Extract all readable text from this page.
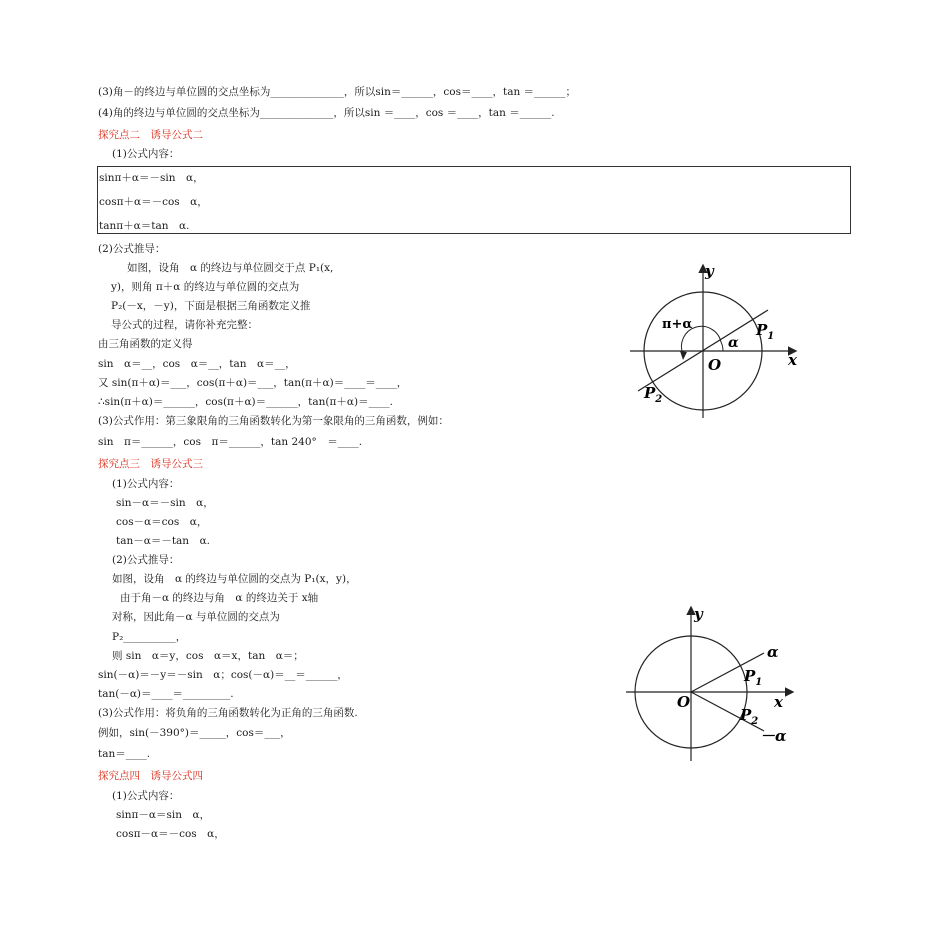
(3)角－的终边与单位圆的交点坐标为______________，所以sin＝______，cos＝____，tan ＝______；
(4)角的终边与单位圆的交点坐标为______________，所以sin ＝____，cos ＝____，tan ＝______.
探究点二　诱导公式二
(1)公式内容：
sinπ＋α＝－sin　α，
cosπ＋α＝－cos　α，
tanπ＋α＝tan　α.
(2)公式推导：
如图，设角　α 的终边与单位圆交于点 P₁(x,
y)，则角 π＋α 的终边与单位圆的交点为
P₂(－x，－y)，下面是根据三角函数定义推
导公式的过程，请你补充完整：
由三角函数的定义得
sin　α＝__，cos　α＝__，tan　α＝__，
又 sin(π＋α)＝___，cos(π＋α)＝___，tan(π＋α)＝____＝____，
∴sin(π＋α)＝______，cos(π＋α)＝______，tan(π＋α)＝____.
(3)公式作用：第三象限角的三角函数转化为第一象限角的三角函数，例如：
sin　π＝______，cos　π＝______，tan 240°　＝____.
探究点三　诱导公式三
(1)公式内容：
sin－α＝－sin　α，
cos－α＝cos　α，
tan－α＝－tan　α.
(2)公式推导：
如图，设角　α 的终边与单位圆的交点为 P₁(x，y)，
由于角－α 的终边与角　α 的终边关于 x轴
对称，因此角－α 与单位圆的交点为
P₂__________，
则 sin　α＝y，cos　α＝x，tan　α＝；
sin(－α)＝－y＝－sin　α；cos(－α)＝__＝______，
tan(－α)＝____＝_________.
(3)公式作用：将负角的三角函数转化为正角的三角函数.
例如，sin(－390°)＝_____，cos＝___，
tan＝____.
探究点四　诱导公式四
(1)公式内容：
sinπ－α＝sin　α，
cosπ－α＝－cos　α，
y
x
O
π+α
α
$P_1$
$P_2$
y
x
O
α
－α
$P_1$
$P_2$
